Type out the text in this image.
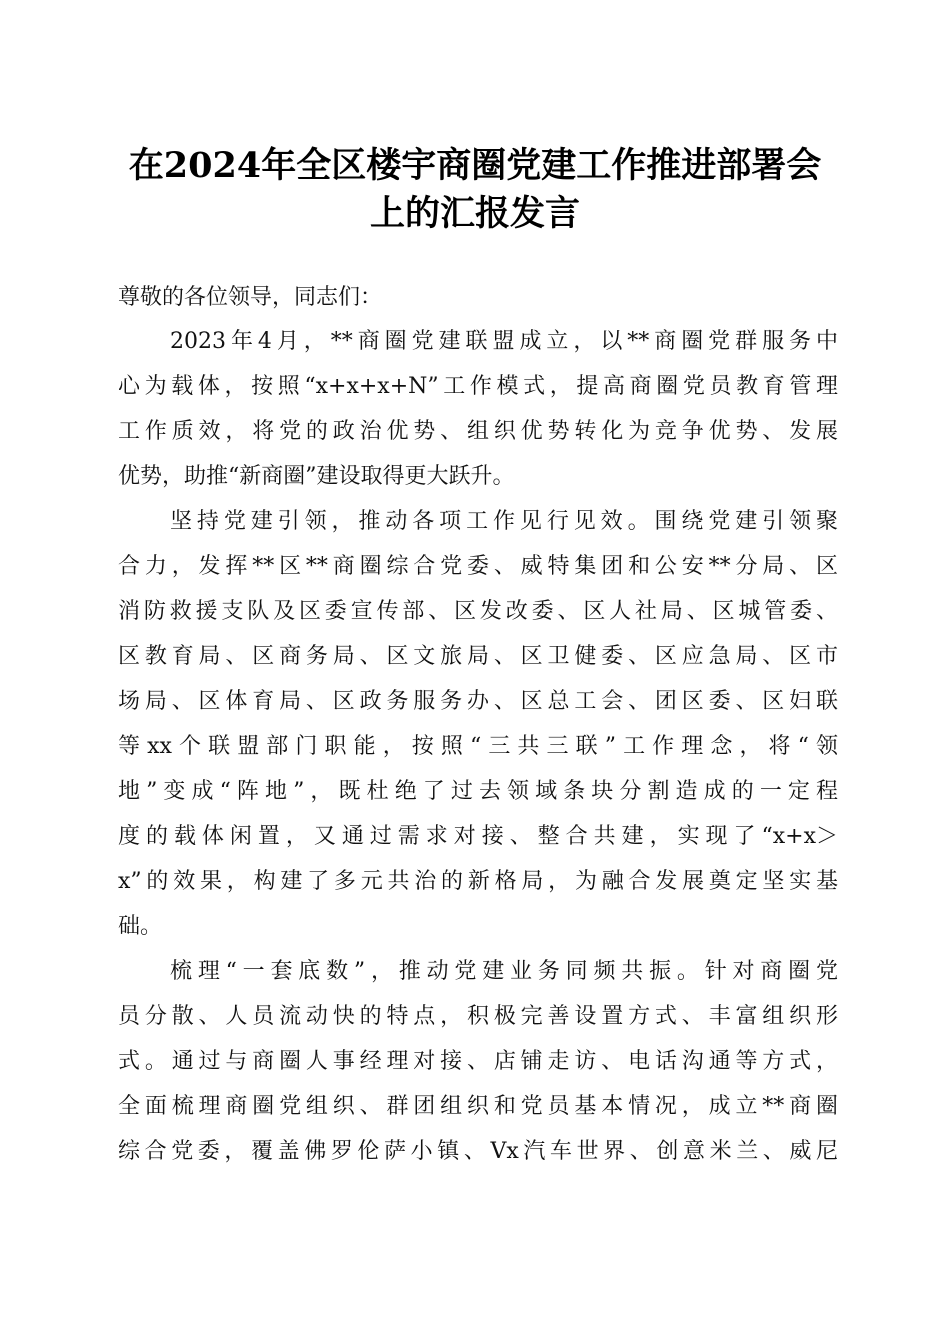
在2024年全区楼宇商圈党建工作推进部署会
上的汇报发言
尊敬的各位领导，同志们：
2023年4月，**商圈党建联盟成立，以**商圈党群服务中
心为载体，按照“x+x+x+N”工作模式，提高商圈党员教育管理
工作质效，将党的政治优势、组织优势转化为竞争优势、发展
优势，助推“新商圈”建设取得更大跃升。
坚持党建引领，推动各项工作见行见效。围绕党建引领聚
合力，发挥**区**商圈综合党委、威特集团和公安**分局、区
消防救援支队及区委宣传部、区发改委、区人社局、区城管委、
区教育局、区商务局、区文旅局、区卫健委、区应急局、区市
场局、区体育局、区政务服务办、区总工会、团区委、区妇联
等xx个联盟部门职能，按照“三共三联”工作理念，将“领
地”变成“阵地”，既杜绝了过去领域条块分割造成的一定程
度的载体闲置，又通过需求对接、整合共建，实现了“x+x＞
x”的效果，构建了多元共治的新格局，为融合发展奠定坚实基
础。
梳理“一套底数”，推动党建业务同频共振。针对商圈党
员分散、人员流动快的特点，积极完善设置方式、丰富组织形
式。通过与商圈人事经理对接、店铺走访、电话沟通等方式，
全面梳理商圈党组织、群团组织和党员基本情况，成立**商圈
综合党委，覆盖佛罗伦萨小镇、Vx汽车世界、创意米兰、威尼
